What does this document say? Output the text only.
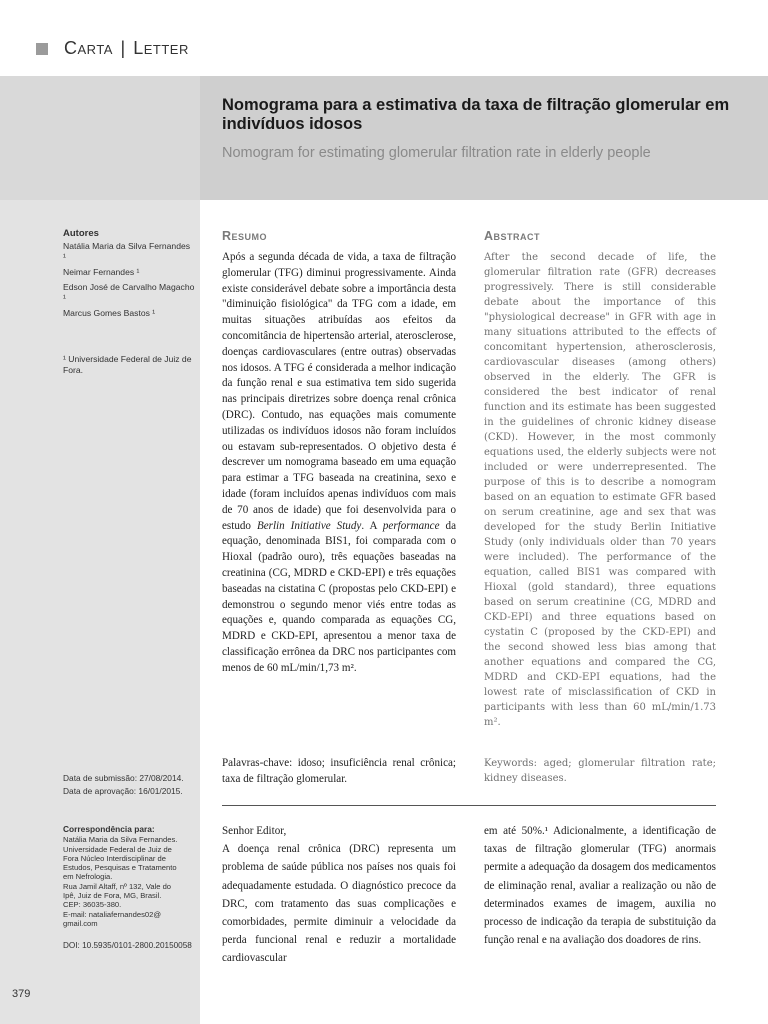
Carta | Letter
Nomograma para a estimativa da taxa de filtração glomerular em indivíduos idosos
Nomogram for estimating glomerular filtration rate in elderly people
Autores
Natália Maria da Silva Fernandes ¹
Neimar Fernandes ¹
Edson José de Carvalho Magacho ¹
Marcus Gomes Bastos ¹
¹ Universidade Federal de Juiz de Fora.
Data de submissão: 27/08/2014.
Data de aprovação: 16/01/2015.
Correspondência para:
Natália Maria da Silva Fernandes.
Universidade Federal de Juiz de
Fora Núcleo Interdisciplinar de
Estudos, Pesquisas e Tratamento
em Nefrologia.
Rua Jamil Altaff, nº 132, Vale do
Ipê, Juiz de Fora, MG, Brasil.
CEP: 36035-380.
E-mail: nataliafernandes02@
gmail.com
DOI: 10.5935/0101-2800.20150058
379
Resumo	Abstract
Após a segunda década de vida, a taxa de filtração glomerular (TFG) diminui progressivamente. Ainda existe considerável debate sobre a importância desta "diminuição fisiológica" da TFG com a idade, em muitas situações atribuídas aos efeitos da concomitância de hipertensão arterial, aterosclerose, doenças cardiovasculares (entre outras) observadas nos idosos. A TFG é considerada a melhor indicação da função renal e sua estimativa tem sido sugerida nas principais diretrizes sobre doença renal crônica (DRC). Contudo, nas equações mais comumente utilizadas os indivíduos idosos não foram incluídos ou estavam sub-representados. O objetivo desta é descrever um nomograma baseado em uma equação para estimar a TFG baseada na creatinina, sexo e idade (foram incluídos apenas indivíduos com mais de 70 anos de idade) que foi desenvolvida para o estudo Berlin Initiative Study. A performance da equação, denominada BIS1, foi comparada com o Hioxal (padrão ouro), três equações baseadas na creatinina (CG, MDRD e CKD-EPI) e três equações baseadas na cistatina C (propostas pelo CKD-EPI) e demonstrou o segundo menor viés entre todas as equações e, quando comparada as equações CG, MDRD e CKD-EPI, apresentou a menor taxa de classificação errônea da DRC nos participantes com menos de 60 mL/min/1,73 m².
After the second decade of life, the glomerular filtration rate (GFR) decreases progressively. There is still considerable debate about the importance of this "physiological decrease" in GFR with age in many situations attributed to the effects of concomitant hypertension, atherosclerosis, cardiovascular diseases (among others) observed in the elderly. The GFR is considered the best indicator of renal function and its estimate has been suggested in the guidelines of chronic kidney disease (CKD). However, in the most commonly equations used, the elderly subjects were not included or were underrepresented. The purpose of this is to describe a nomogram based on an equation to estimate GFR based on serum creatinine, age and sex that was developed for the study Berlin Initiative Study (only individuals older than 70 years were included). The performance of the equation, called BIS1 was compared with Hioxal (gold standard), three equations based on serum creatinine (CG, MDRD and CKD-EPI) and three equations based on cystatin C (proposed by the CKD-EPI) and the second showed less bias among that another equations and compared the CG, MDRD and CKD-EPI equations, had the lowest rate of misclassification of CKD in participants with less than 60 mL/min/1.73 m².
Palavras-chave: idoso; insuficiência renal crônica; taxa de filtração glomerular.
Keywords: aged; glomerular filtration rate; kidney diseases.

Senhor Editor,

A doença renal crônica (DRC) representa um problema de saúde pública nos países nos quais foi adequadamente estudada. O diagnóstico precoce da DRC, com tratamento das suas complicações e comorbidades, permite diminuir a velocidade da perda funcional renal e reduzir a mortalidade cardiovascular

em até 50%.¹ Adicionalmente, a identificação de taxas de filtração glomerular (TFG) anormais permite a adequação da dosagem dos medicamentos de eliminação renal, avaliar a realização ou não de determinados exames de imagem, auxilia no processo de indicação da terapia de substituição da função renal e na avaliação dos doadores de rins.
